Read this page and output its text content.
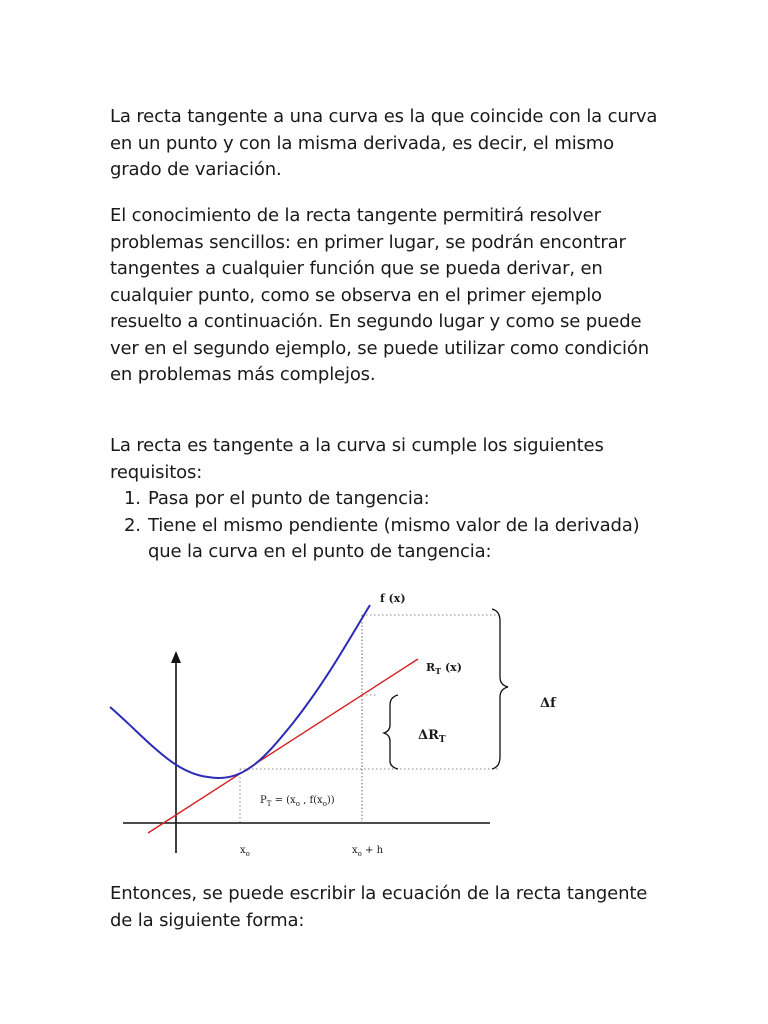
La recta tangente a una curva es la que coincide con la curva en un punto y con la misma derivada, es decir, el mismo grado de variación.

El conocimiento de la recta tangente permitirá resolver problemas sencillos: en primer lugar, se podrán encontrar tangentes a cualquier función que se pueda derivar, en cualquier punto, como se observa en el primer ejemplo resuelto a continuación. En segundo lugar y como se puede ver en el segundo ejemplo, se puede utilizar como condición en problemas más complejos.

La recta es tangente a la curva si cumple los siguientes requisitos:

1. Pasa por el punto de tangencia:
2. Tiene el mismo pendiente (mismo valor de la derivada) que la curva en el punto de tangencia:
f (x)
$R_T$ (x)
Δf
$\Delta R_T$
$P_T = (x_o$ , $f(x_o)$)
$x_o$	$x_o + h$

Entonces, se puede escribir la ecuación de la recta tangente de la siguiente forma:
